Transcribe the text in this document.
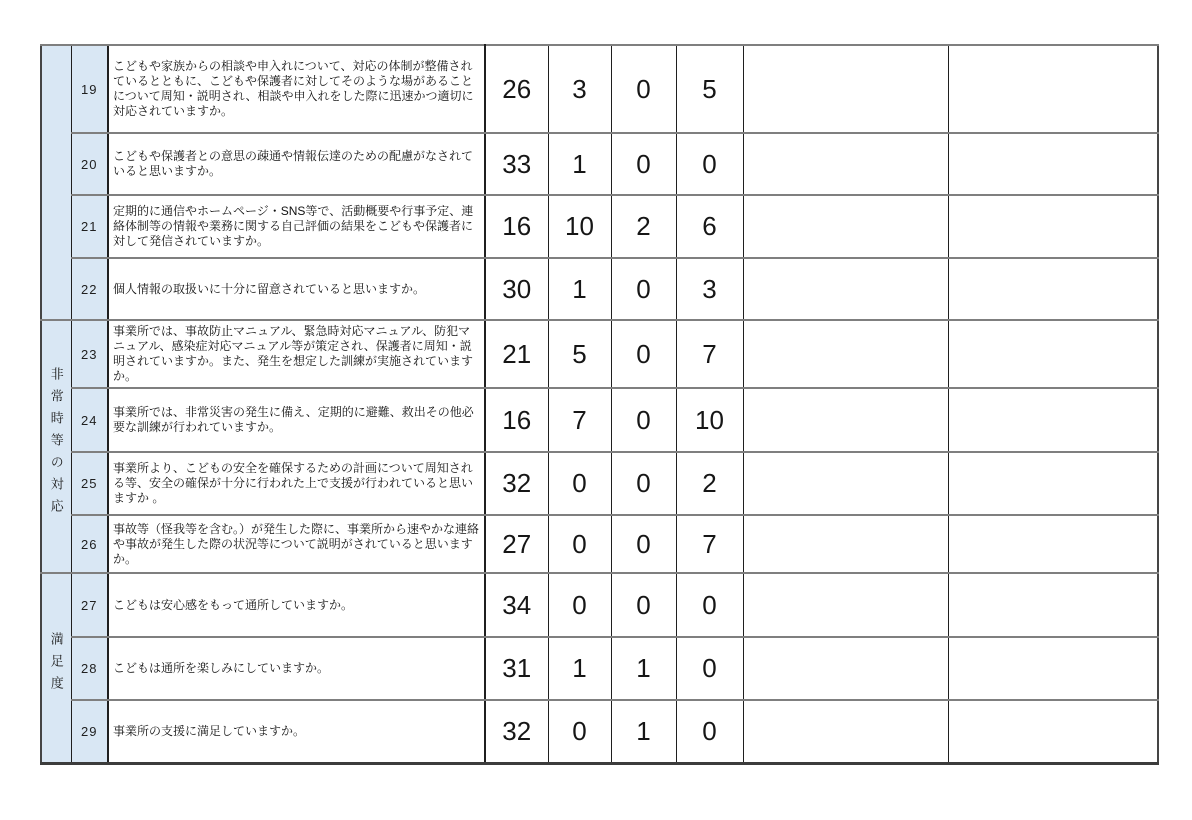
	19	こどもや家族からの相談や申入れについて、対応の体制が整備されているとともに、こどもや保護者に対してそのような場があることについて周知・説明され、相談や申入れをした際に迅速かつ適切に対応されていますか。	26	3	0	5		
	20	こどもや保護者との意思の疎通や情報伝達のための配慮がなされていると思いますか。	33	1	0	0		
	21	定期的に通信やホームページ・SNS等で、活動概要や行事予定、連絡体制等の情報や業務に関する自己評価の結果をこどもや保護者に対して発信されていますか。	16	10	2	6		
	22	個人情報の取扱いに十分に留意されていると思いますか。	30	1	0	3		
非常時等の対応	23	事業所では、事故防止マニュアル、緊急時対応マニュアル、防犯マニュアル、感染症対応マニュアル等が策定され、保護者に周知・説明されていますか。また、発生を想定した訓練が実施されていますか。	21	5	0	7		
	24	事業所では、非常災害の発生に備え、定期的に避難、救出その他必要な訓練が行われていますか。	16	7	0	10		
	25	事業所より、こどもの安全を確保するための計画について周知される等、安全の確保が十分に行われた上で支援が行われていると思いますか 。	32	0	0	2		
	26	事故等（怪我等を含む。）が発生した際に、事業所から速やかな連絡や事故が発生した際の状況等について説明がされていると思いますか。	27	0	0	7		
満足度	27	こどもは安心感をもって通所していますか。	34	0	0	0		
	28	こどもは通所を楽しみにしていますか。	31	1	1	0		
	29	事業所の支援に満足していますか。	32	0	1	0		
